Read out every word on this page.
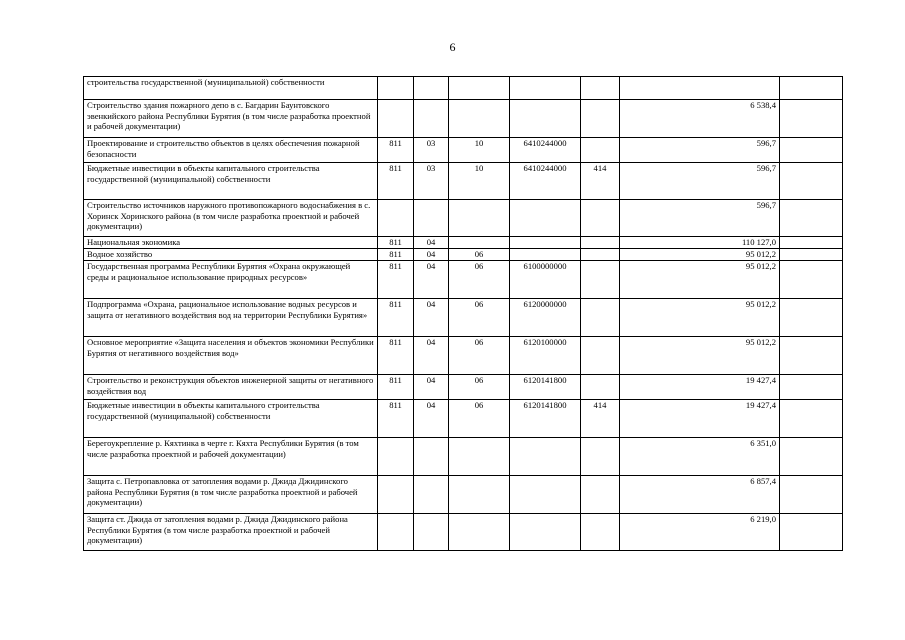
6
строительства государственной (муниципальной) собственности							
Строительство здания пожарного депо в с. Багдарин Баунтовского эвенкийского района Республики Бурятия (в том числе разработка проектной и рабочей документации)						6 538,4	
Проектирование и строительство объектов в целях обеспечения пожарной безопасности	811	03	10	6410244000		596,7	
Бюджетные инвестиции в объекты капитального строительства государственной (муниципальной) собственности	811	03	10	6410244000	414	596,7	
Строительство источников наружного противопожарного водоснабжения в с. Хоринск Хоринского района (в том числе разработка проектной и рабочей документации)						596,7	
Национальная экономика	811	04				110 127,0	
Водное хозяйство	811	04	06			95 012,2	
Государственная программа Республики Бурятия «Охрана окружающей среды и рациональное использование природных ресурсов»	811	04	06	6100000000		95 012,2	
Подпрограмма «Охрана, рациональное использование водных ресурсов и защита от негативного воздействия вод на территории Республики Бурятия»	811	04	06	6120000000		95 012,2	
Основное мероприятие «Защита населения и объектов экономики Республики Бурятия от негативного воздействия вод»	811	04	06	6120100000		95 012,2	
Строительство и реконструкция объектов инженерной защиты от негативного воздействия вод	811	04	06	6120141800		19 427,4	
Бюджетные инвестиции в объекты капитального строительства государственной (муниципальной) собственности	811	04	06	6120141800	414	19 427,4	
Берегоукрепление р. Кяхтинка в черте г. Кяхта Республики Бурятия (в том числе разработка проектной и рабочей документации)						6 351,0	
Защита с. Петропавловка от затопления водами р. Джида Джидинского района Республики Бурятия (в том числе разработка проектной и рабочей документации)						6 857,4	
Защита ст. Джида от затопления водами р. Джида Джидинского района Республики Бурятия (в том числе разработка проектной и рабочей документации)						6 219,0	
